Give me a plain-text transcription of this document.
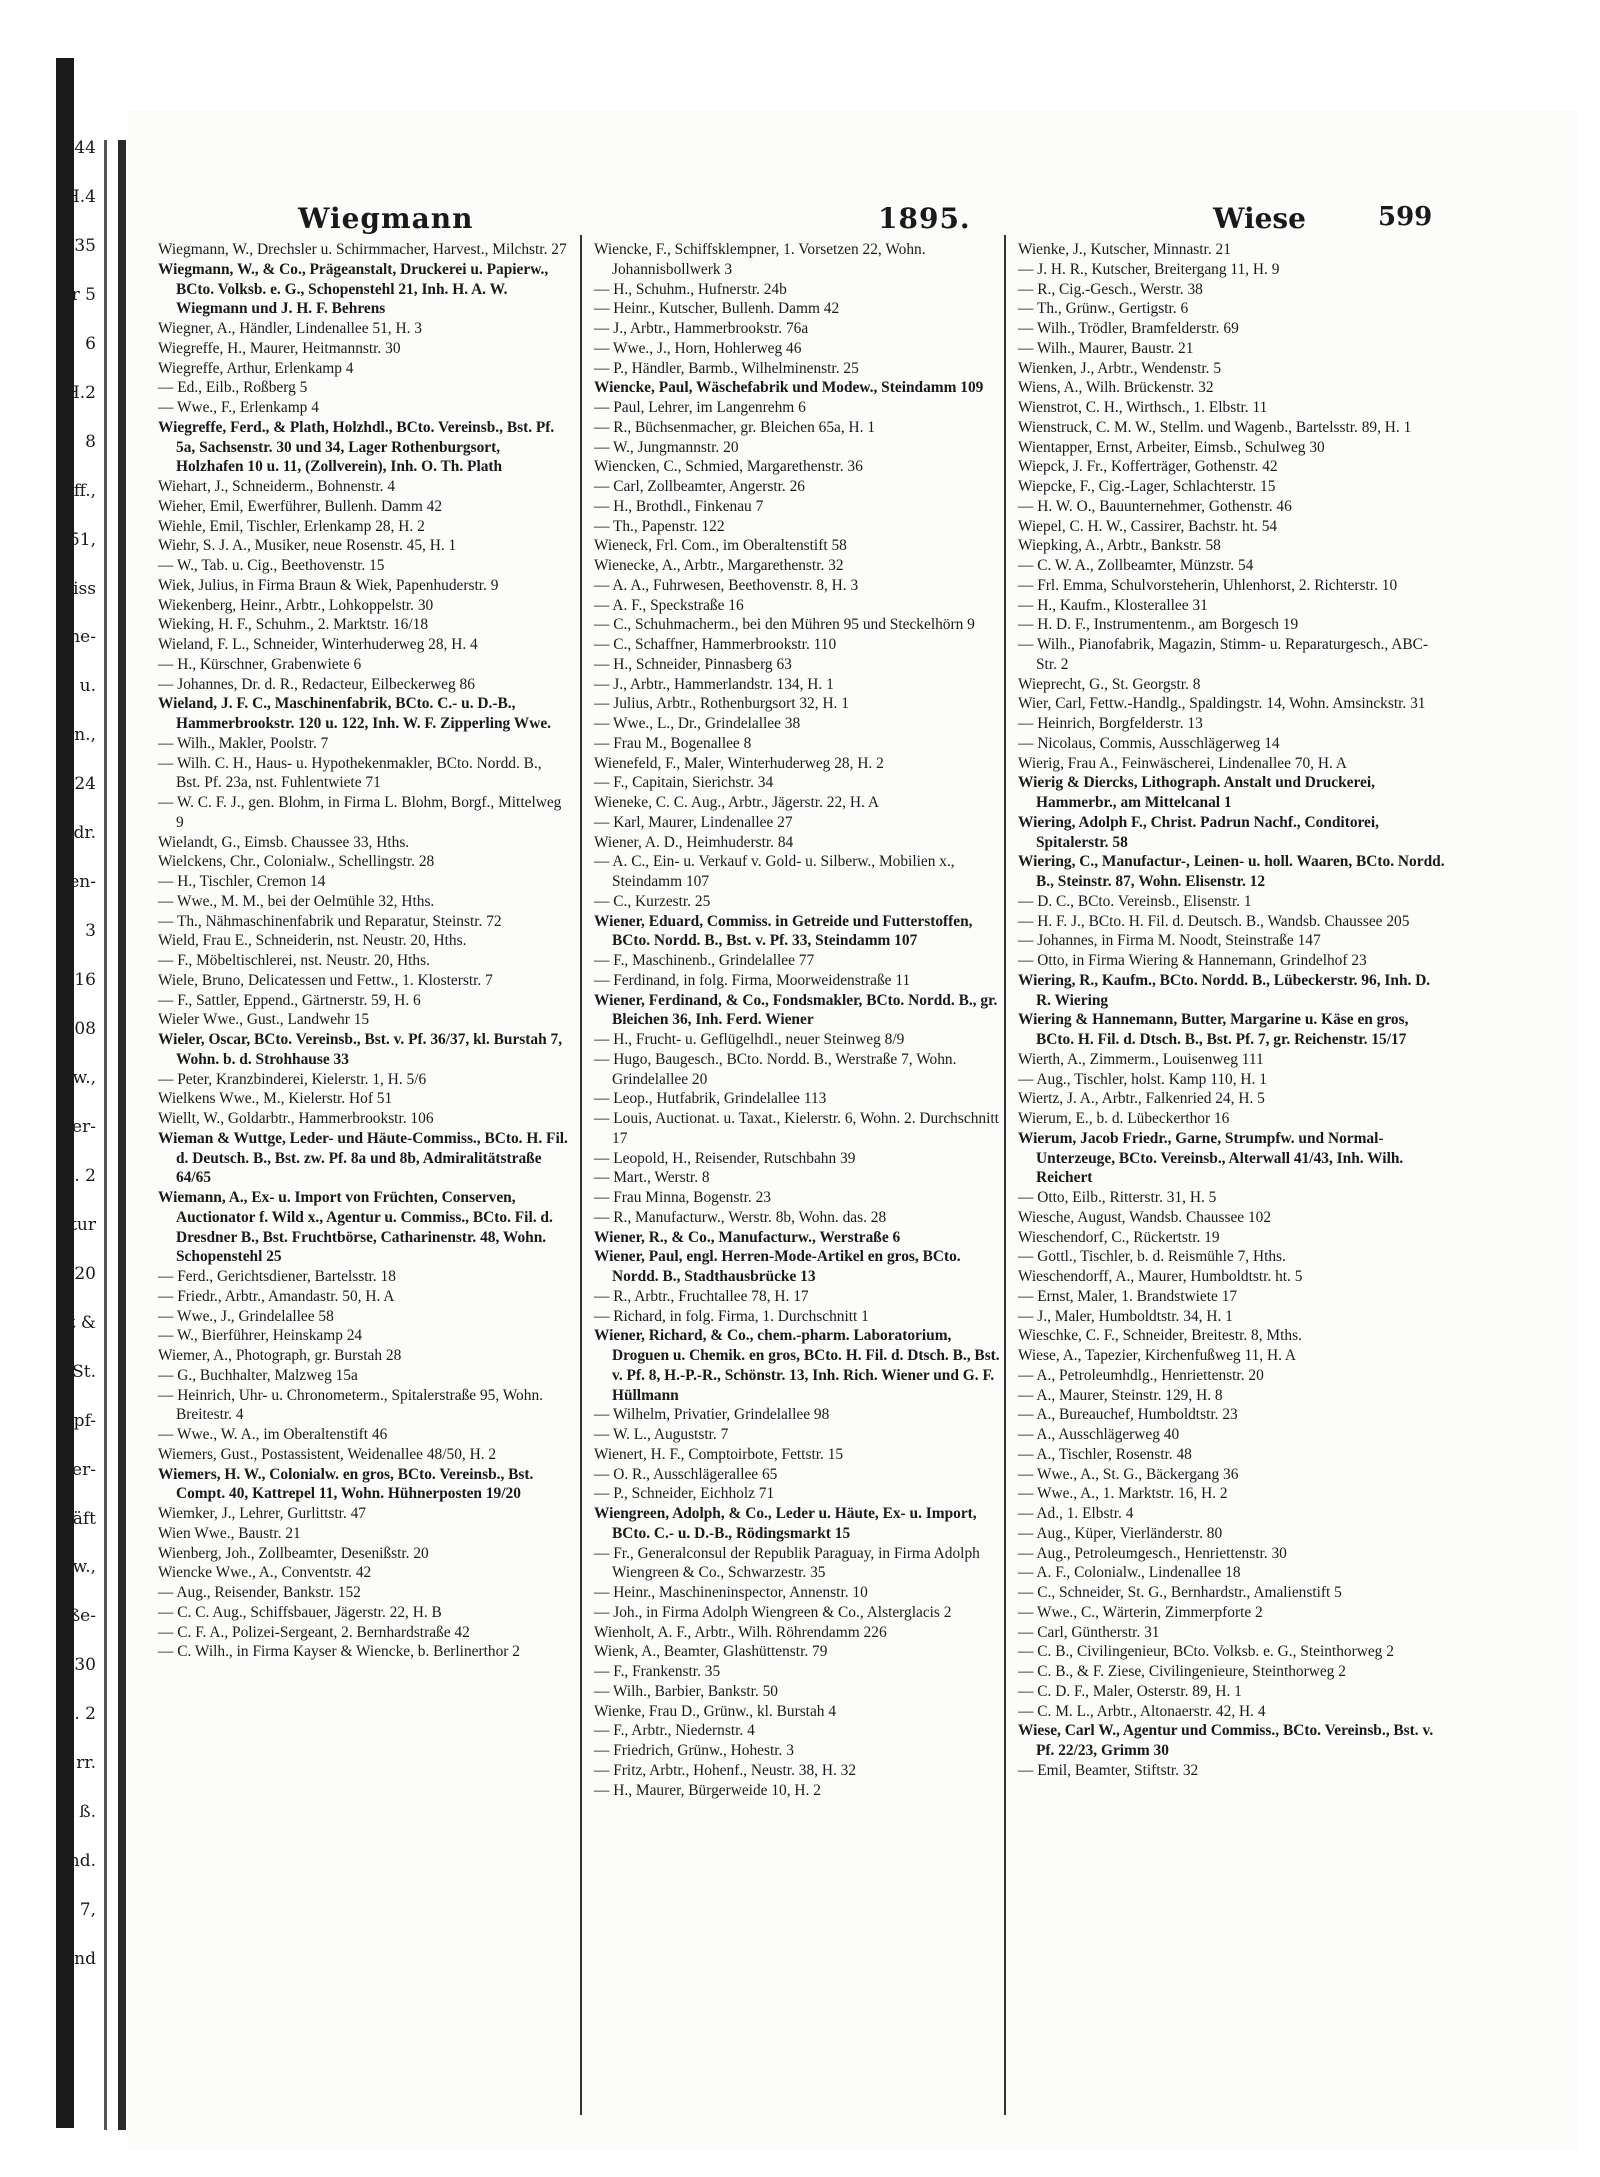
44
H.4
35
hr 5
6
H.2
8
iff.,
51,
iss
he-
ß. u.
n.,
24
adr.
ken-
3
e 16
108
w.,
mer-
H. 2
tur
e 20
ft &
St.
mpf-
Ber-
äft
w.,
ße-
30
. 2
rr.
ß.
hd.
7,
und
Wiegmann	1895.	Wiese	599
Wiegmann, W., Drechsler u. Schirmmacher, Harvest., Milchstr. 27
Wiegmann, W., & Co., Prägeanstalt, Druckerei u. Papierw., BCto. Volksb. e. G., Schopenstehl 21, Inh. H. A. W. Wiegmann und J. H. F. Behrens
Wiegner, A., Händler, Lindenallee 51, H. 3
Wiegreffe, H., Maurer, Heitmannstr. 30
Wiegreffe, Arthur, Erlenkamp 4
— Ed., Eilb., Roßberg 5
— Wwe., F., Erlenkamp 4
Wiegreffe, Ferd., & Plath, Holzhdl., BCto. Vereinsb., Bst. Pf. 5a, Sachsenstr. 30 und 34, Lager Rothenburgsort, Holzhafen 10 u. 11, (Zollverein), Inh. O. Th. Plath
Wiehart, J., Schneiderm., Bohnenstr. 4
Wieher, Emil, Ewerführer, Bullenh. Damm 42
Wiehle, Emil, Tischler, Erlenkamp 28, H. 2
Wiehr, S. J. A., Musiker, neue Rosenstr. 45, H. 1
— W., Tab. u. Cig., Beethovenstr. 15
Wiek, Julius, in Firma Braun & Wiek, Papenhuderstr. 9
Wiekenberg, Heinr., Arbtr., Lohkoppelstr. 30
Wieking, H. F., Schuhm., 2. Marktstr. 16/18
Wieland, F. L., Schneider, Winterhuderweg 28, H. 4
— H., Kürschner, Grabenwiete 6
— Johannes, Dr. d. R., Redacteur, Eilbeckerweg 86
Wieland, J. F. C., Maschinenfabrik, BCto. C.- u. D.-B., Hammerbrookstr. 120 u. 122, Inh. W. F. Zipperling Wwe.
— Wilh., Makler, Poolstr. 7
— Wilh. C. H., Haus- u. Hypothekenmakler, BCto. Nordd. B., Bst. Pf. 23a, nst. Fuhlentwiete 71
— W. C. F. J., gen. Blohm, in Firma L. Blohm, Borgf., Mittelweg 9
Wielandt, G., Eimsb. Chaussee 33, Hths.
Wielckens, Chr., Colonialw., Schellingstr. 28
— H., Tischler, Cremon 14
— Wwe., M. M., bei der Oelmühle 32, Hths.
— Th., Nähmaschinenfabrik und Reparatur, Steinstr. 72
Wield, Frau E., Schneiderin, nst. Neustr. 20, Hths.
— F., Möbeltischlerei, nst. Neustr. 20, Hths.
Wiele, Bruno, Delicatessen und Fettw., 1. Klosterstr. 7
— F., Sattler, Eppend., Gärtnerstr. 59, H. 6
Wieler Wwe., Gust., Landwehr 15
Wieler, Oscar, BCto. Vereinsb., Bst. v. Pf. 36/37, kl. Burstah 7, Wohn. b. d. Strohhause 33
— Peter, Kranzbinderei, Kielerstr. 1, H. 5/6
Wielkens Wwe., M., Kielerstr. Hof 51
Wiellt, W., Goldarbtr., Hammerbrookstr. 106
Wieman & Wuttge, Leder- und Häute-Commiss., BCto. H. Fil. d. Deutsch. B., Bst. zw. Pf. 8a und 8b, Admiralitätstraße 64/65
Wiemann, A., Ex- u. Import von Früchten, Conserven, Auctionator f. Wild x., Agentur u. Commiss., BCto. Fil. d. Dresdner B., Bst. Fruchtbörse, Catharinenstr. 48, Wohn. Schopenstehl 25
— Ferd., Gerichtsdiener, Bartelsstr. 18
— Friedr., Arbtr., Amandastr. 50, H. A
— Wwe., J., Grindelallee 58
— W., Bierführer, Heinskamp 24
Wiemer, A., Photograph, gr. Burstah 28
— G., Buchhalter, Malzweg 15a
— Heinrich, Uhr- u. Chronometerm., Spitalerstraße 95, Wohn. Breitestr. 4
— Wwe., W. A., im Oberaltenstift 46
Wiemers, Gust., Postassistent, Weidenallee 48/50, H. 2
Wiemers, H. W., Colonialw. en gros, BCto. Vereinsb., Bst. Compt. 40, Kattrepel 11, Wohn. Hühnerposten 19/20
Wiemker, J., Lehrer, Gurlittstr. 47
Wien Wwe., Baustr. 21
Wienberg, Joh., Zollbeamter, Desenißstr. 20
Wiencke Wwe., A., Conventstr. 42
— Aug., Reisender, Bankstr. 152
— C. C. Aug., Schiffsbauer, Jägerstr. 22, H. B
— C. F. A., Polizei-Sergeant, 2. Bernhardstraße 42
— C. Wilh., in Firma Kayser & Wiencke, b. Berlinerthor 2
Wiencke, F., Schiffsklempner, 1. Vorsetzen 22, Wohn. Johannisbollwerk 3
— H., Schuhm., Hufnerstr. 24b
— Heinr., Kutscher, Bullenh. Damm 42
— J., Arbtr., Hammerbrookstr. 76a
— Wwe., J., Horn, Hohlerweg 46
— P., Händler, Barmb., Wilhelminenstr. 25
Wiencke, Paul, Wäschefabrik und Modew., Steindamm 109
— Paul, Lehrer, im Langenrehm 6
— R., Büchsenmacher, gr. Bleichen 65a, H. 1
— W., Jungmannstr. 20
Wiencken, C., Schmied, Margarethenstr. 36
— Carl, Zollbeamter, Angerstr. 26
— H., Brothdl., Finkenau 7
— Th., Papenstr. 122
Wieneck, Frl. Com., im Oberaltenstift 58
Wienecke, A., Arbtr., Margarethenstr. 32
— A. A., Fuhrwesen, Beethovenstr. 8, H. 3
— A. F., Speckstraße 16
— C., Schuhmacherm., bei den Mühren 95 und Steckelhörn 9
— C., Schaffner, Hammerbrookstr. 110
— H., Schneider, Pinnasberg 63
— J., Arbtr., Hammerlandstr. 134, H. 1
— Julius, Arbtr., Rothenburgsort 32, H. 1
— Wwe., L., Dr., Grindelallee 38
— Frau M., Bogenallee 8
Wienefeld, F., Maler, Winterhuderweg 28, H. 2
— F., Capitain, Sierichstr. 34
Wieneke, C. C. Aug., Arbtr., Jägerstr. 22, H. A
— Karl, Maurer, Lindenallee 27
Wiener, A. D., Heimhuderstr. 84
— A. C., Ein- u. Verkauf v. Gold- u. Silberw., Mobilien x., Steindamm 107
— C., Kurzestr. 25
Wiener, Eduard, Commiss. in Getreide und Futterstoffen, BCto. Nordd. B., Bst. v. Pf. 33, Steindamm 107
— F., Maschinenb., Grindelallee 77
— Ferdinand, in folg. Firma, Moorweidenstraße 11
Wiener, Ferdinand, & Co., Fondsmakler, BCto. Nordd. B., gr. Bleichen 36, Inh. Ferd. Wiener
— H., Frucht- u. Geflügelhdl., neuer Steinweg 8/9
— Hugo, Baugesch., BCto. Nordd. B., Werstraße 7, Wohn. Grindelallee 20
— Leop., Hutfabrik, Grindelallee 113
— Louis, Auctionat. u. Taxat., Kielerstr. 6, Wohn. 2. Durchschnitt 17
— Leopold, H., Reisender, Rutschbahn 39
— Mart., Werstr. 8
— Frau Minna, Bogenstr. 23
— R., Manufacturw., Werstr. 8b, Wohn. das. 28
Wiener, R., & Co., Manufacturw., Werstraße 6
Wiener, Paul, engl. Herren-Mode-Artikel en gros, BCto. Nordd. B., Stadthausbrücke 13
— R., Arbtr., Fruchtallee 78, H. 17
— Richard, in folg. Firma, 1. Durchschnitt 1
Wiener, Richard, & Co., chem.-pharm. Laboratorium, Droguen u. Chemik. en gros, BCto. H. Fil. d. Dtsch. B., Bst. v. Pf. 8, H.-P.-R., Schönstr. 13, Inh. Rich. Wiener und G. F. Hüllmann
— Wilhelm, Privatier, Grindelallee 98
— W. L., Auguststr. 7
Wienert, H. F., Comptoirbote, Fettstr. 15
— O. R., Ausschlägerallee 65
— P., Schneider, Eichholz 71
Wiengreen, Adolph, & Co., Leder u. Häute, Ex- u. Import, BCto. C.- u. D.-B., Rödingsmarkt 15
— Fr., Generalconsul der Republik Paraguay, in Firma Adolph Wiengreen & Co., Schwarzestr. 35
— Heinr., Maschineninspector, Annenstr. 10
— Joh., in Firma Adolph Wiengreen & Co., Alsterglacis 2
Wienholt, A. F., Arbtr., Wilh. Röhrendamm 226
Wienk, A., Beamter, Glashüttenstr. 79
— F., Frankenstr. 35
— Wilh., Barbier, Bankstr. 50
Wienke, Frau D., Grünw., kl. Burstah 4
— F., Arbtr., Niedernstr. 4
— Friedrich, Grünw., Hohestr. 3
— Fritz, Arbtr., Hohenf., Neustr. 38, H. 32
— H., Maurer, Bürgerweide 10, H. 2
Wienke, J., Kutscher, Minnastr. 21
— J. H. R., Kutscher, Breitergang 11, H. 9
— R., Cig.-Gesch., Werstr. 38
— Th., Grünw., Gertigstr. 6
— Wilh., Trödler, Bramfelderstr. 69
— Wilh., Maurer, Baustr. 21
Wienken, J., Arbtr., Wendenstr. 5
Wiens, A., Wilh. Brückenstr. 32
Wienstrot, C. H., Wirthsch., 1. Elbstr. 11
Wienstruck, C. M. W., Stellm. und Wagenb., Bartelsstr. 89, H. 1
Wientapper, Ernst, Arbeiter, Eimsb., Schulweg 30
Wiepck, J. Fr., Kofferträger, Gothenstr. 42
Wiepcke, F., Cig.-Lager, Schlachterstr. 15
— H. W. O., Bauunternehmer, Gothenstr. 46
Wiepel, C. H. W., Cassirer, Bachstr. ht. 54
Wiepking, A., Arbtr., Bankstr. 58
— C. W. A., Zollbeamter, Münzstr. 54
— Frl. Emma, Schulvorsteherin, Uhlenhorst, 2. Richterstr. 10
— H., Kaufm., Klosterallee 31
— H. D. F., Instrumentenm., am Borgesch 19
— Wilh., Pianofabrik, Magazin, Stimm- u. Reparaturgesch., ABC-Str. 2
Wieprecht, G., St. Georgstr. 8
Wier, Carl, Fettw.-Handlg., Spaldingstr. 14, Wohn. Amsinckstr. 31
— Heinrich, Borgfelderstr. 13
— Nicolaus, Commis, Ausschlägerweg 14
Wierig, Frau A., Feinwäscherei, Lindenallee 70, H. A
Wierig & Diercks, Lithograph. Anstalt und Druckerei, Hammerbr., am Mittelcanal 1
Wiering, Adolph F., Christ. Padrun Nachf., Conditorei, Spitalerstr. 58
Wiering, C., Manufactur-, Leinen- u. holl. Waaren, BCto. Nordd. B., Steinstr. 87, Wohn. Elisenstr. 12
— D. C., BCto. Vereinsb., Elisenstr. 1
— H. F. J., BCto. H. Fil. d. Deutsch. B., Wandsb. Chaussee 205
— Johannes, in Firma M. Noodt, Steinstraße 147
— Otto, in Firma Wiering & Hannemann, Grindelhof 23
Wiering, R., Kaufm., BCto. Nordd. B., Lübeckerstr. 96, Inh. D. R. Wiering
Wiering & Hannemann, Butter, Margarine u. Käse en gros, BCto. H. Fil. d. Dtsch. B., Bst. Pf. 7, gr. Reichenstr. 15/17
Wierth, A., Zimmerm., Louisenweg 111
— Aug., Tischler, holst. Kamp 110, H. 1
Wiertz, J. A., Arbtr., Falkenried 24, H. 5
Wierum, E., b. d. Lübeckerthor 16
Wierum, Jacob Friedr., Garne, Strumpfw. und Normal-Unterzeuge, BCto. Vereinsb., Alterwall 41/43, Inh. Wilh. Reichert
— Otto, Eilb., Ritterstr. 31, H. 5
Wiesche, August, Wandsb. Chaussee 102
Wieschendorf, C., Rückertstr. 19
— Gottl., Tischler, b. d. Reismühle 7, Hths.
Wieschendorff, A., Maurer, Humboldtstr. ht. 5
— Ernst, Maler, 1. Brandstwiete 17
— J., Maler, Humboldtstr. 34, H. 1
Wieschke, C. F., Schneider, Breitestr. 8, Mths.
Wiese, A., Tapezier, Kirchenfußweg 11, H. A
— A., Petroleumhdlg., Henriettenstr. 20
— A., Maurer, Steinstr. 129, H. 8
— A., Bureauchef, Humboldtstr. 23
— A., Ausschlägerweg 40
— A., Tischler, Rosenstr. 48
— Wwe., A., St. G., Bäckergang 36
— Wwe., A., 1. Marktstr. 16, H. 2
— Ad., 1. Elbstr. 4
— Aug., Küper, Vierländerstr. 80
— Aug., Petroleumgesch., Henriettenstr. 30
— A. F., Colonialw., Lindenallee 18
— C., Schneider, St. G., Bernhardstr., Amalienstift 5
— Wwe., C., Wärterin, Zimmerpforte 2
— Carl, Güntherstr. 31
— C. B., Civilingenieur, BCto. Volksb. e. G., Steinthorweg 2
— C. B., & F. Ziese, Civilingenieure, Steinthorweg 2
— C. D. F., Maler, Osterstr. 89, H. 1
— C. M. L., Arbtr., Altonaerstr. 42, H. 4
Wiese, Carl W., Agentur und Commiss., BCto. Vereinsb., Bst. v. Pf. 22/23, Grimm 30
— Emil, Beamter, Stiftstr. 32
